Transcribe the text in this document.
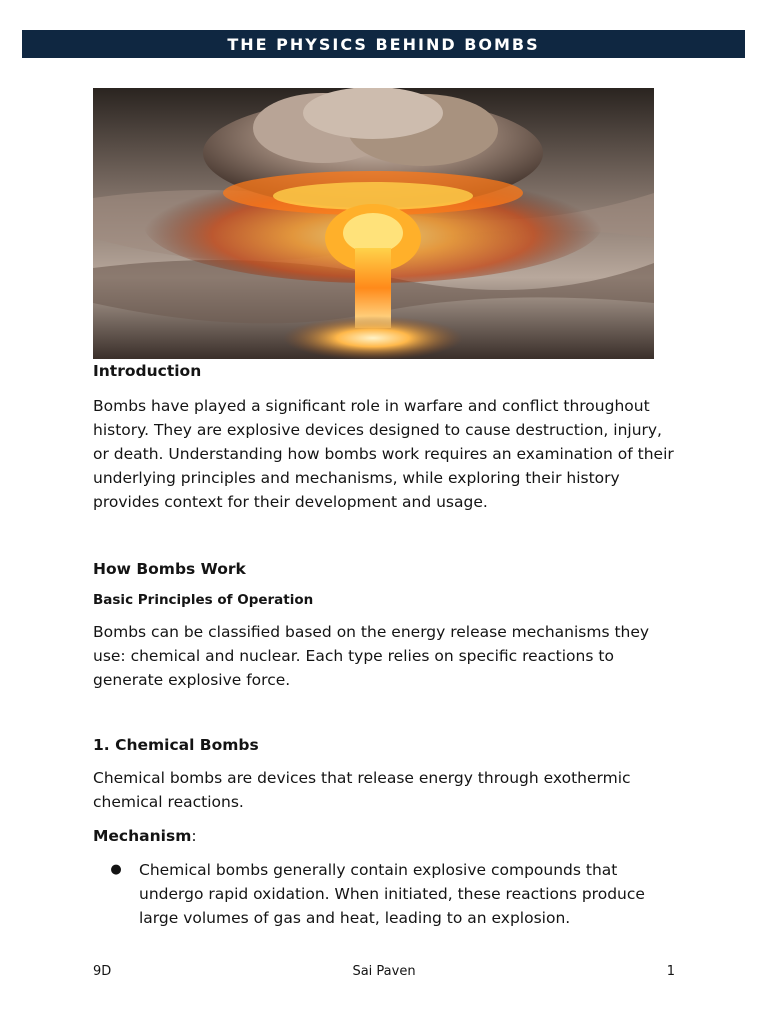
THE PHYSICS BEHIND BOMBS
Introduction

Bombs have played a significant role in warfare and conflict throughout history. They are explosive devices designed to cause destruction, injury, or death. Understanding how bombs work requires an examination of their underlying principles and mechanisms, while exploring their history provides context for their development and usage.

How Bombs Work
Basic Principles of Operation

Bombs can be classified based on the energy release mechanisms they use: chemical and nuclear. Each type relies on specific reactions to generate explosive force.

1. Chemical Bombs

Chemical bombs are devices that release energy through exothermic chemical reactions.

Mechanism:
●	Chemical bombs generally contain explosive compounds that undergo rapid oxidation. When initiated, these reactions produce large volumes of gas and heat, leading to an explosion.
9D	Sai Paven	1
